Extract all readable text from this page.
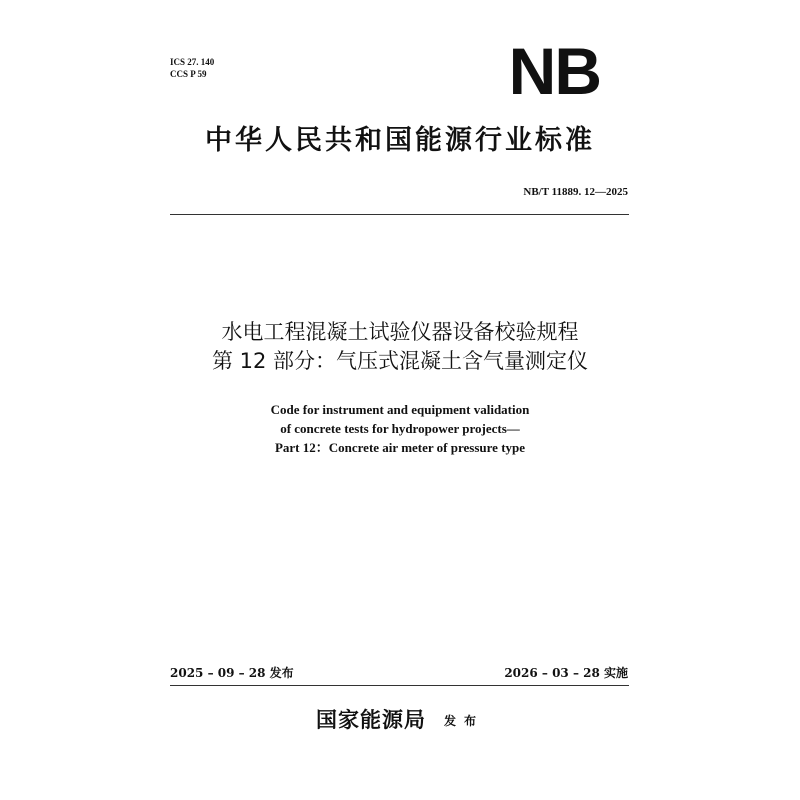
ICS 27. 140
CCS P 59	NB
中华人民共和国能源行业标准
NB/T 11889. 12—2025
水电工程混凝土试验仪器设备校验规程
第 12 部分：气压式混凝土含气量测定仪
Code for instrument and equipment validation
of concrete tests for hydropower projects—
Part 12：Concrete air meter of pressure type
2025 – 09 – 28 发布	2026 – 03 – 28 实施
国家能源局 发布
